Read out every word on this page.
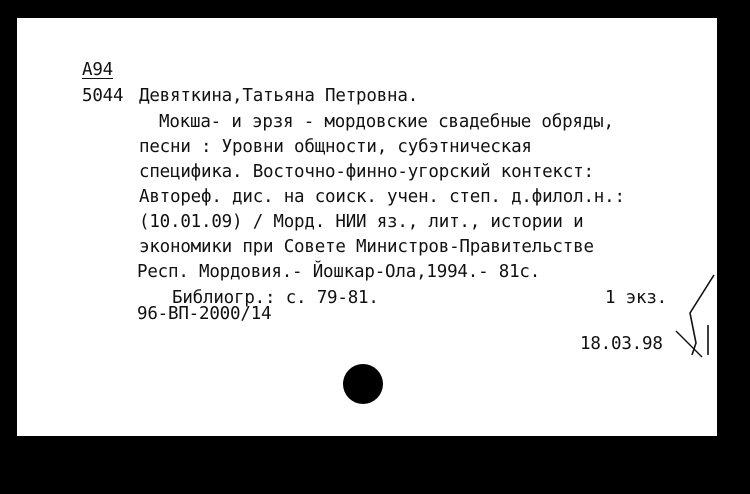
А94
5044 Девяткина,Татьяна Петровна.
Мокша- и эрзя - мордовские свадебные обряды,
песни : Уровни общности, субэтническая
специфика. Восточно-финно-угорский контекст:
Автореф. дис. на соиск. учен. степ. д.филол.н.:
(10.01.09) / Морд. НИИ яз., лит., истории и
экономики при Совете Министров-Правительстве
Респ. Мордовия.- Йошкар-Ола,1994.- 81с.
Библиогр.: с. 79-81.	1 экз.
96-ВП-2000/14
18.03.98
